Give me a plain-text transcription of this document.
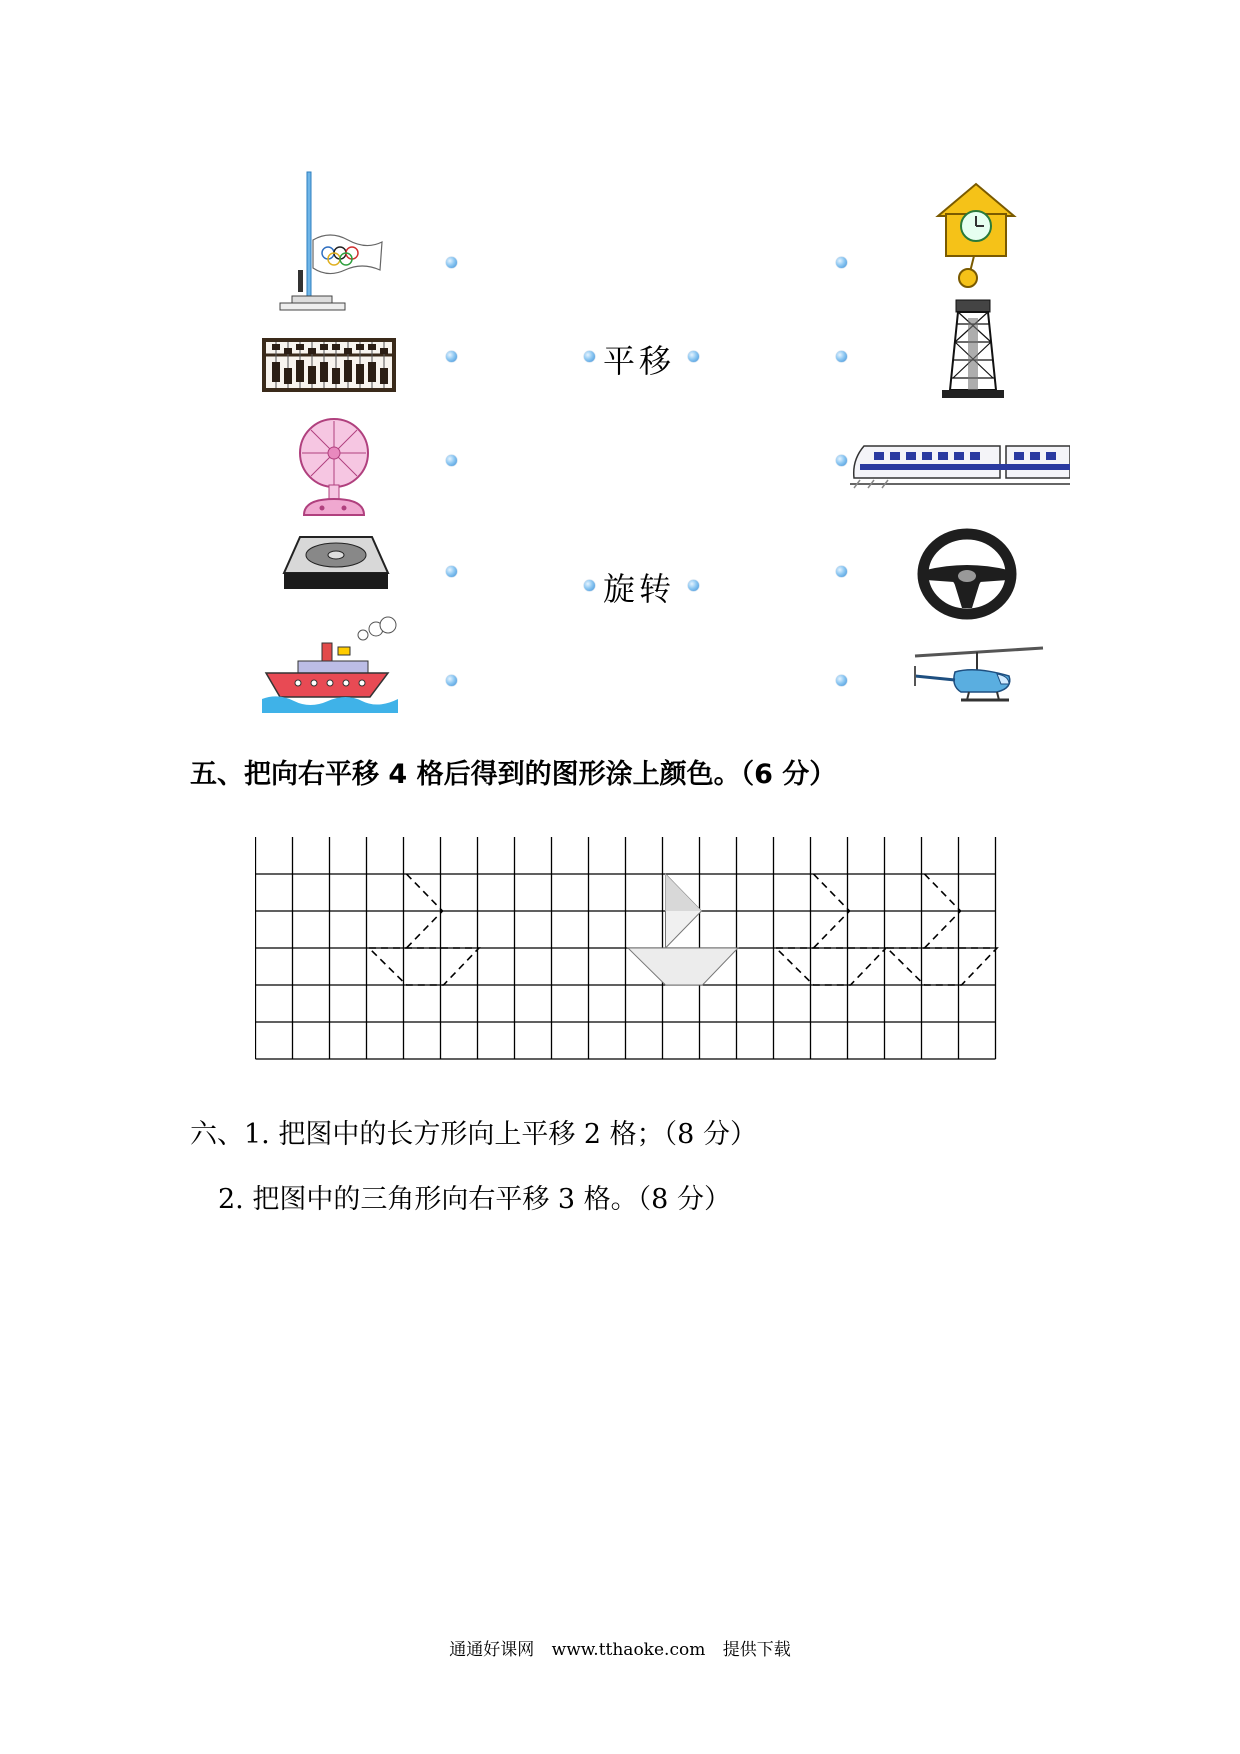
平移
旋转
五、把向右平移 4 格后得到的图形涂上颜色。（6 分）
六、1. 把图中的长方形向上平移 2 格；（8 分）
2. 把图中的三角形向右平移 3 格。（8 分）
通通好课网 www.tthaoke.com 提供下载
